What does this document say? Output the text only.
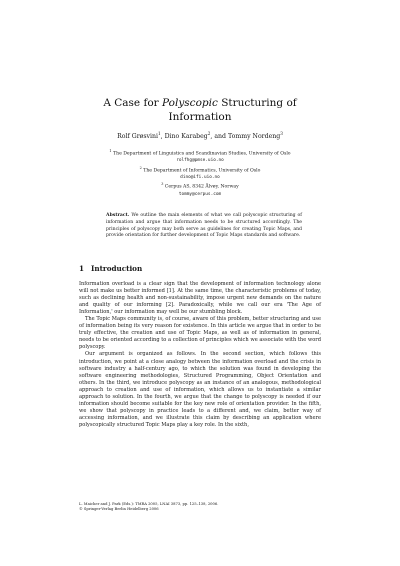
A Case for Polyscopic Structuring of
Information
Rolf Grøsvini$^1$, Dino Karabeg$^2$, and Tommy Nordeng$^3$
$^1$ The Department of Linguistics and Scandinavian Studies, University of Oslo
rolfhg@pmse.uio.no
$^2$ The Department of Informatics, University of Oslo
dino@ifi.uio.no
$^3$ Cerpus AS, 8342 Ålvøy, Norway
tommy@cerpus.com
Abstract. We outline the main elements of what we call polyscopic structuring of information and argue that information needs to be structured accordingly. The principles of polyscopy may both serve as guidelines for creating Topic Maps, and provide orientation for further development of Topic Maps standards and software.
1 Introduction

Information overload is a clear sign that the development of information technology alone will not make us better informed [1]. At the same time, the characteristic problems of today, such as declining health and non-sustainability, impose urgent new demands on the nature and quality of our informing [2]. Paradoxically, while we call our era 'The Age of Information,' our information may well be our stumbling block.

The Topic Maps community is, of course, aware of this problem, better structuring and use of information being its very reason for existence. In this article we argue that in order to be truly effective, the creation and use of Topic Maps, as well as of information in general, needs to be oriented according to a collection of principles which we associate with the word polyscopy.

Our argument is organized as follows. In the second section, which follows this introduction, we point at a close analogy between the information overload and the crisis in software industry a half-century ago, to which the solution was found in developing the software engineering methodologies, Structured Programming, Object Orientation and others. In the third, we introduce polyscopy as an instance of an analogous, methodological approach to creation and use of information, which allows us to instantiate a similar approach to solution. In the fourth, we argue that the change to polyscopy is needed if our information should become suitable for the key new role of orientation provider. In the fifth, we show that polyscopy in practice leads to a different and, we claim, better way of accessing information, and we illustrate this claim by describing an application where polyscopically structured Topic Maps play a key role. In the sixth,

L. Maicher and J. Park (Eds.): TMRA 2005, LNAI 3873, pp. 125–138, 2006.
© Springer-Verlag Berlin Heidelberg 2006
